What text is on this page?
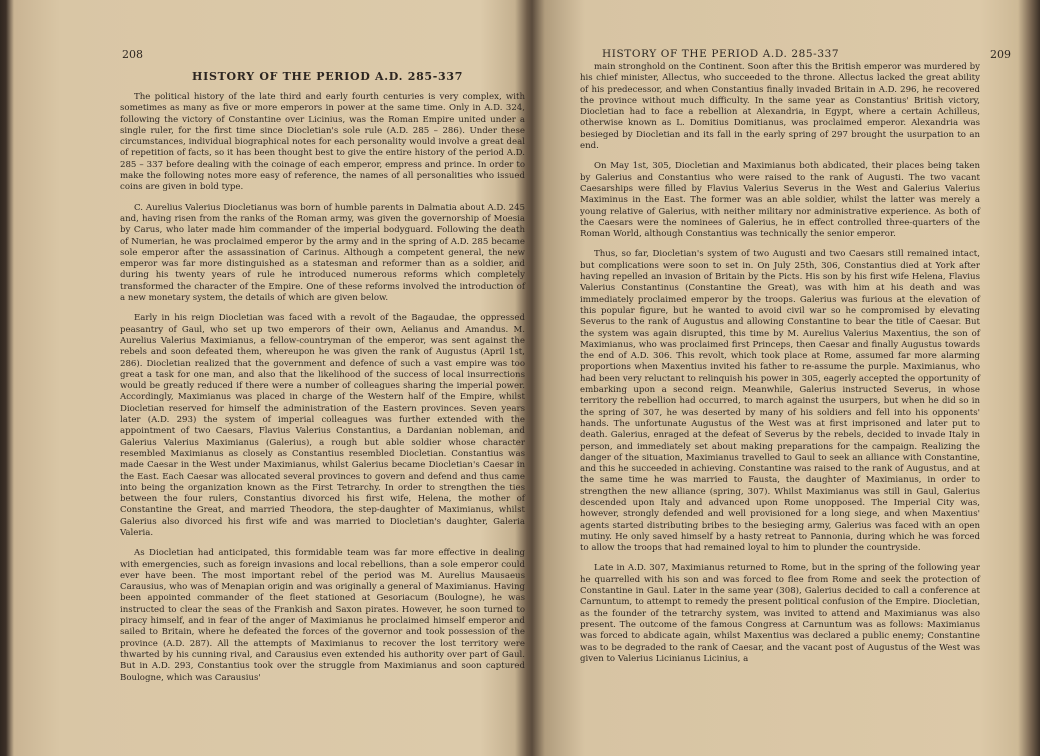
208
HISTORY OF THE PERIOD A.D. 285-337

The political history of the late third and early fourth centuries is very complex, with sometimes as many as five or more emperors in power at the same time. Only in A.D. 324, following the victory of Constantine over Licinius, was the Roman Empire united under a single ruler, for the first time since Diocletian's sole rule (A.D. 285 – 286). Under these circumstances, individual biographical notes for each personality would involve a great deal of repetition of facts, so it has been thought best to give the entire history of the period A.D. 285 – 337 before dealing with the coinage of each emperor, empress and prince. In order to make the following notes more easy of reference, the names of all personalities who issued coins are given in bold type.

C. Aurelius Valerius Diocletianus was born of humble parents in Dalmatia about A.D. 245 and, having risen from the ranks of the Roman army, was given the governorship of Moesia by Carus, who later made him commander of the imperial bodyguard. Following the death of Numerian, he was proclaimed emperor by the army and in the spring of A.D. 285 became sole emperor after the assassination of Carinus. Although a competent general, the new emperor was far more distinguished as a statesman and reformer than as a soldier, and during his twenty years of rule he introduced numerous reforms which completely transformed the character of the Empire. One of these reforms involved the introduction of a new monetary system, the details of which are given below.

Early in his reign Diocletian was faced with a revolt of the Bagaudae, the oppressed peasantry of Gaul, who set up two emperors of their own, Aelianus and Amandus. M. Aurelius Valerius Maximianus, a fellow-countryman of the emperor, was sent against the rebels and soon defeated them, whereupon he was given the rank of Augustus (April 1st, 286). Diocletian realized that the government and defence of such a vast empire was too great a task for one man, and also that the likelihood of the success of local insurrections would be greatly reduced if there were a number of colleagues sharing the imperial power. Accordingly, Maximianus was placed in charge of the Western half of the Empire, whilst Diocletian reserved for himself the administration of the Eastern provinces. Seven years later (A.D. 293) the system of imperial colleagues was further extended with the appointment of two Caesars, Flavius Valerius Constantius, a Dardanian nobleman, and Galerius Valerius Maximianus (Galerius), a rough but able soldier whose character resembled Maximianus as closely as Constantius resembled Diocletian. Constantius was made Caesar in the West under Maximianus, whilst Galerius became Diocletian's Caesar in the East. Each Caesar was allocated several provinces to govern and defend and thus came into being the organization known as the First Tetrarchy. In order to strengthen the ties between the four rulers, Constantius divorced his first wife, Helena, the mother of Constantine the Great, and married Theodora, the step-daughter of Maximianus, whilst Galerius also divorced his first wife and was married to Diocletian's daughter, Galeria Valeria.

As Diocletian had anticipated, this formidable team was far more effective in dealing with emergencies, such as foreign invasions and local rebellions, than a sole emperor could ever have been. The most important rebel of the period was M. Aurelius Mausaeus Carausius, who was of Menapian origin and was originally a general of Maximianus. Having been appointed commander of the fleet stationed at Gesoriacum (Boulogne), he was instructed to clear the seas of the Frankish and Saxon pirates. However, he soon turned to piracy himself, and in fear of the anger of Maximianus he proclaimed himself emperor and sailed to Britain, where he defeated the forces of the governor and took possession of the province (A.D. 287). All the attempts of Maximianus to recover the lost territory were thwarted by his cunning rival, and Carausius even extended his authority over part of Gaul. But in A.D. 293, Constantius took over the struggle from Maximianus and soon captured Boulogne, which was Carausius'

HISTORY OF THE PERIOD A.D. 285-337	209

main stronghold on the Continent. Soon after this the British emperor was murdered by his chief minister, Allectus, who succeeded to the throne. Allectus lacked the great ability of his predecessor, and when Constantius finally invaded Britain in A.D. 296, he recovered the province without much difficulty. In the same year as Constantius' British victory, Diocletian had to face a rebellion at Alexandria, in Egypt, where a certain Achilleus, otherwise known as L. Domitius Domitianus, was proclaimed emperor. Alexandria was besieged by Diocletian and its fall in the early spring of 297 brought the usurpation to an end.

On May 1st, 305, Diocletian and Maximianus both abdicated, their places being taken by Galerius and Constantius who were raised to the rank of Augusti. The two vacant Caesarships were filled by Flavius Valerius Severus in the West and Galerius Valerius Maximinus in the East. The former was an able soldier, whilst the latter was merely a young relative of Galerius, with neither military nor administrative experience. As both of the Caesars were the nominees of Galerius, he in effect controlled three-quarters of the Roman World, although Constantius was technically the senior emperor.

Thus, so far, Diocletian's system of two Augusti and two Caesars still remained intact, but complications were soon to set in. On July 25th, 306, Constantius died at York after having repelled an invasion of Britain by the Picts. His son by his first wife Helena, Flavius Valerius Constantinus (Constantine the Great), was with him at his death and was immediately proclaimed emperor by the troops. Galerius was furious at the elevation of this popular figure, but he wanted to avoid civil war so he compromised by elevating Severus to the rank of Augustus and allowing Constantine to bear the title of Caesar. But the system was again disrupted, this time by M. Aurelius Valerius Maxentius, the son of Maximianus, who was proclaimed first Princeps, then Caesar and finally Augustus towards the end of A.D. 306. This revolt, which took place at Rome, assumed far more alarming proportions when Maxentius invited his father to re-assume the purple. Maximianus, who had been very reluctant to relinquish his power in 305, eagerly accepted the opportunity of embarking upon a second reign. Meanwhile, Galerius instructed Severus, in whose territory the rebellion had occurred, to march against the usurpers, but when he did so in the spring of 307, he was deserted by many of his soldiers and fell into his opponents' hands. The unfortunate Augustus of the West was at first imprisoned and later put to death. Galerius, enraged at the defeat of Severus by the rebels, decided to invade Italy in person, and immediately set about making preparations for the campaign. Realizing the danger of the situation, Maximianus travelled to Gaul to seek an alliance with Constantine, and this he succeeded in achieving. Constantine was raised to the rank of Augustus, and at the same time he was married to Fausta, the daughter of Maximianus, in order to strengthen the new alliance (spring, 307). Whilst Maximianus was still in Gaul, Galerius descended upon Italy and advanced upon Rome unopposed. The Imperial City was, however, strongly defended and well provisioned for a long siege, and when Maxentius' agents started distributing bribes to the besieging army, Galerius was faced with an open mutiny. He only saved himself by a hasty retreat to Pannonia, during which he was forced to allow the troops that had remained loyal to him to plunder the countryside.

Late in A.D. 307, Maximianus returned to Rome, but in the spring of the following year he quarrelled with his son and was forced to flee from Rome and seek the protection of Constantine in Gaul. Later in the same year (308), Galerius decided to call a conference at Carnuntum, to attempt to remedy the present political confusion of the Empire. Diocletian, as the founder of the tetrarchy system, was invited to attend and Maximianus was also present. The outcome of the famous Congress at Carnuntum was as follows: Maximianus was forced to abdicate again, whilst Maxentius was declared a public enemy; Constantine was to be degraded to the rank of Caesar, and the vacant post of Augustus of the West was given to Valerius Licinianus Licinius, a
